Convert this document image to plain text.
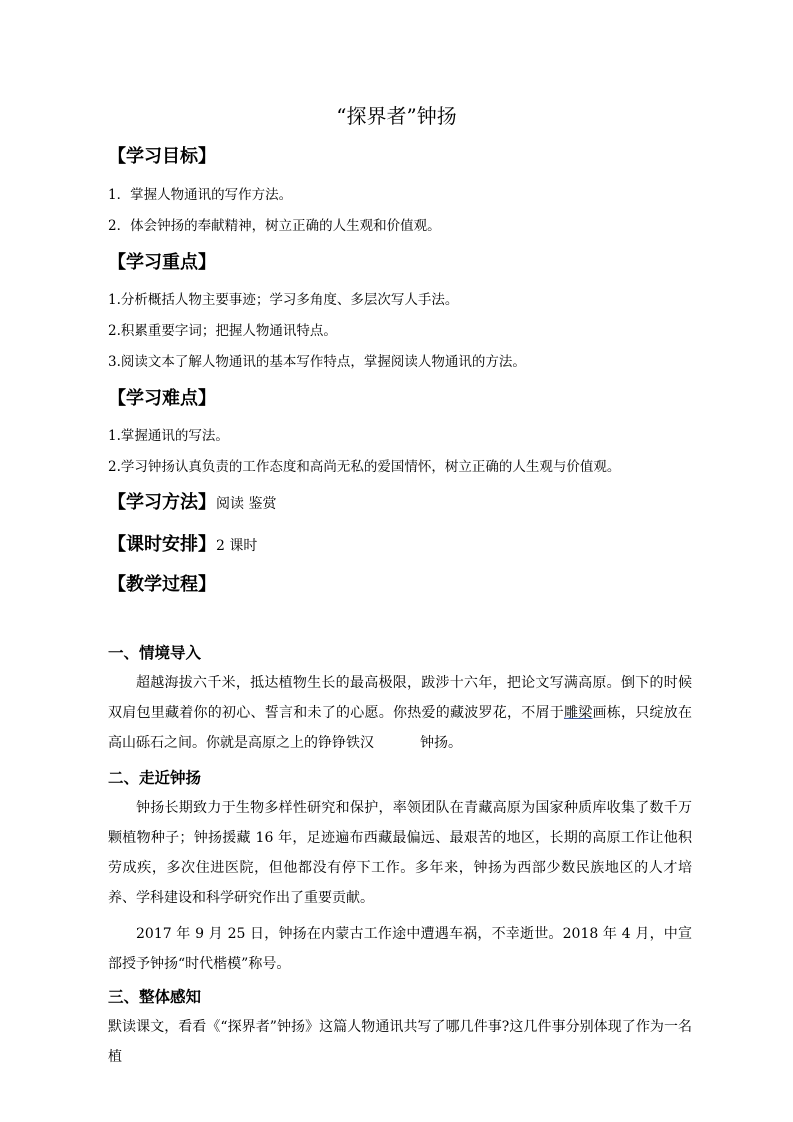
“探界者”钟扬
【学习目标】
1．掌握人物通讯的写作方法。
2．体会钟扬的奉献精神，树立正确的人生观和价值观。
【学习重点】
1.分析概括人物主要事迹；学习多角度、多层次写人手法。
2.积累重要字词；把握人物通讯特点。
3.阅读文本了解人物通讯的基本写作特点，掌握阅读人物通讯的方法。
【学习难点】
1.掌握通讯的写法。
2.学习钟扬认真负责的工作态度和高尚无私的爱国情怀，树立正确的人生观与价值观。
【学习方法】阅读 鉴赏
【课时安排】2 课时
【教学过程】
一、情境导入
超越海拔六千米，抵达植物生长的最高极限，跋涉十六年，把论文写满高原。倒下的时候双肩包里藏着你的初心、誓言和未了的心愿。你热爱的藏波罗花，不屑于雕梁画栋，只绽放在高山砾石之间。你就是高原之上的铮铮铁汉	钟扬。
二、走近钟扬
钟扬长期致力于生物多样性研究和保护，率领团队在青藏高原为国家种质库收集了数千万颗植物种子；钟扬援藏 16 年，足迹遍布西藏最偏远、最艰苦的地区，长期的高原工作让他积劳成疾，多次住进医院，但他都没有停下工作。多年来，钟扬为西部少数民族地区的人才培养、学科建设和科学研究作出了重要贡献。
2017 年 9 月 25 日，钟扬在内蒙古工作途中遭遇车祸，不幸逝世。2018 年 4 月，中宣部授予钟扬“时代楷模”称号。
三、整体感知
默读课文，看看《“探界者”钟扬》这篇人物通讯共写了哪几件事?这几件事分别体现了作为一名植
